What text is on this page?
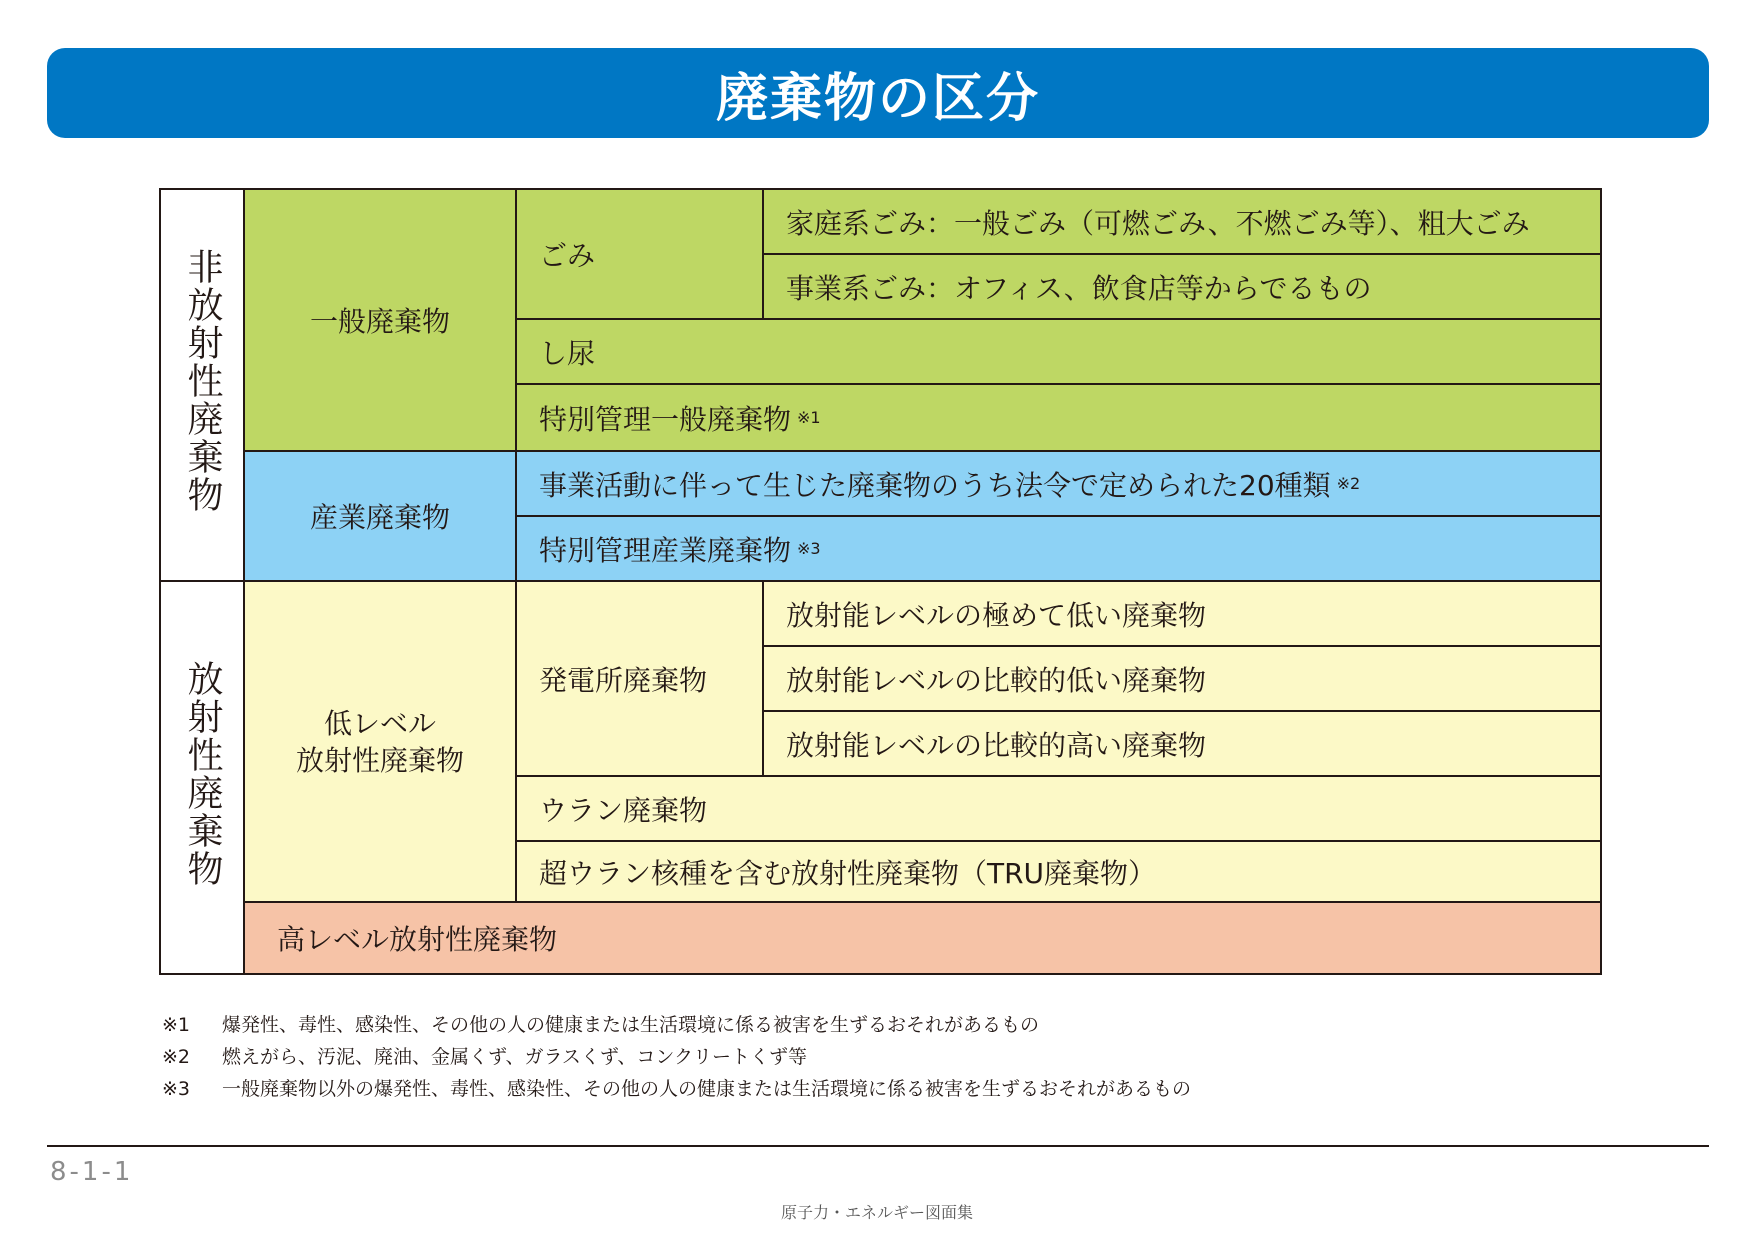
廃棄物の区分
非放射性廃棄物
放射性廃棄物
一般廃棄物
ごみ
家庭系ごみ：一般ごみ（可燃ごみ、不燃ごみ等）、粗大ごみ
事業系ごみ：オフィス、飲食店等からでるもの
し尿
特別管理一般廃棄物 ※1
産業廃棄物
事業活動に伴って生じた廃棄物のうち法令で定められた20種類 ※2
特別管理産業廃棄物 ※3
低レベル
放射性廃棄物
発電所廃棄物
放射能レベルの極めて低い廃棄物
放射能レベルの比較的低い廃棄物
放射能レベルの比較的高い廃棄物
ウラン廃棄物
超ウラン核種を含む放射性廃棄物（TRU廃棄物）
高レベル放射性廃棄物
※1 爆発性、毒性、感染性、その他の人の健康または生活環境に係る被害を生ずるおそれがあるもの
※2 燃えがら、汚泥、廃油、金属くず、ガラスくず、コンクリートくず等
※3 一般廃棄物以外の爆発性、毒性、感染性、その他の人の健康または生活環境に係る被害を生ずるおそれがあるもの
8-1-1
原子力・エネルギー図面集
